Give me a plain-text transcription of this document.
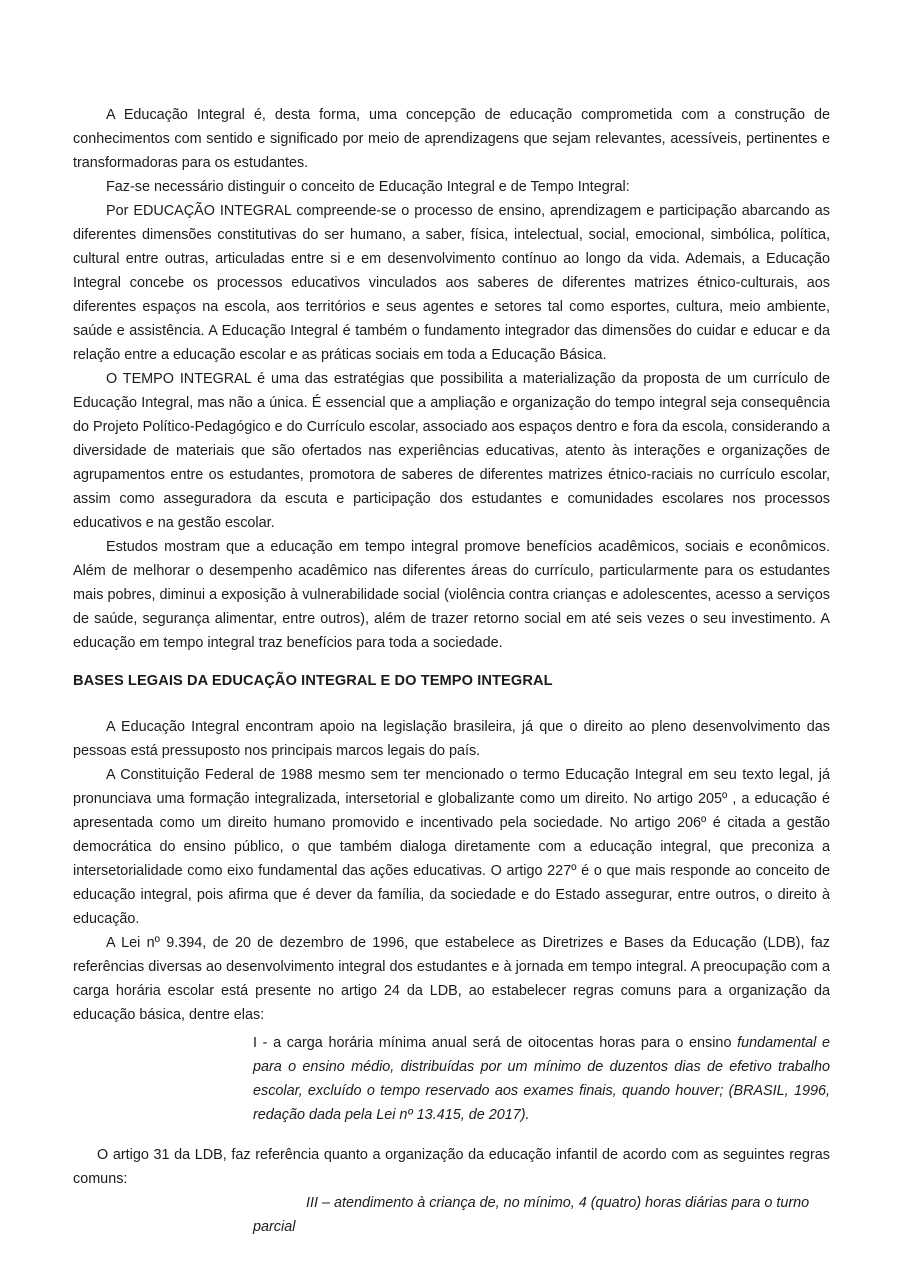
A Educação Integral é, desta forma, uma concepção de educação comprometida com a construção de conhecimentos com sentido e significado por meio de aprendizagens que sejam relevantes, acessíveis, pertinentes e transformadoras para os estudantes.

Faz-se necessário distinguir o conceito de Educação Integral e de Tempo Integral:

Por EDUCAÇÃO INTEGRAL compreende-se o processo de ensino, aprendizagem e participação abarcando as diferentes dimensões constitutivas do ser humano, a saber, física, intelectual, social, emocional, simbólica, política, cultural entre outras, articuladas entre si e em desenvolvimento contínuo ao longo da vida. Ademais, a Educação Integral concebe os processos educativos vinculados aos saberes de diferentes matrizes étnico-culturais, aos diferentes espaços na escola, aos territórios e seus agentes e setores tal como esportes, cultura, meio ambiente, saúde e assistência. A Educação Integral é também o fundamento integrador das dimensões do cuidar e educar e da relação entre a educação escolar e as práticas sociais em toda a Educação Básica.

O TEMPO INTEGRAL é uma das estratégias que possibilita a materialização da proposta de um currículo de Educação Integral, mas não a única. É essencial que a ampliação e organização do tempo integral seja consequência do Projeto Político-Pedagógico e do Currículo escolar, associado aos espaços dentro e fora da escola, considerando a diversidade de materiais que são ofertados nas experiências educativas, atento às interações e organizações de agrupamentos entre os estudantes, promotora de saberes de diferentes matrizes étnico-raciais no currículo escolar, assim como asseguradora da escuta e participação dos estudantes e comunidades escolares nos processos educativos e na gestão escolar.

Estudos mostram que a educação em tempo integral promove benefícios acadêmicos, sociais e econômicos. Além de melhorar o desempenho acadêmico nas diferentes áreas do currículo, particularmente para os estudantes mais pobres, diminui a exposição à vulnerabilidade social (violência contra crianças e adolescentes, acesso a serviços de saúde, segurança alimentar, entre outros), além de trazer retorno social em até seis vezes o seu investimento. A educação em tempo integral traz benefícios para toda a sociedade.

BASES LEGAIS DA EDUCAÇÃO INTEGRAL E DO TEMPO INTEGRAL

A Educação Integral encontram apoio na legislação brasileira, já que o direito ao pleno desenvolvimento das pessoas está pressuposto nos principais marcos legais do país.

A Constituição Federal de 1988 mesmo sem ter mencionado o termo Educação Integral em seu texto legal, já pronunciava uma formação integralizada, intersetorial e globalizante como um direito. No artigo 205º , a educação é apresentada como um direito humano promovido e incentivado pela sociedade. No artigo 206º é citada a gestão democrática do ensino público, o que também dialoga diretamente com a educação integral, que preconiza a intersetorialidade como eixo fundamental das ações educativas. O artigo 227º é o que mais responde ao conceito de educação integral, pois afirma que é dever da família, da sociedade e do Estado assegurar, entre outros, o direito à educação.

A Lei nº 9.394, de 20 de dezembro de 1996, que estabelece as Diretrizes e Bases da Educação (LDB), faz referências diversas ao desenvolvimento integral dos estudantes e à jornada em tempo integral. A preocupação com a carga horária escolar está presente no artigo 24 da LDB, ao estabelecer regras comuns para a organização da educação básica, dentre elas:

I - a carga horária mínima anual será de oitocentas horas para o ensino fundamental e para o ensino médio, distribuídas por um mínimo de duzentos dias de efetivo trabalho escolar, excluído o tempo reservado aos exames finais, quando houver; (BRASIL, 1996, redação dada pela Lei nº 13.415, de 2017).

O artigo 31 da LDB, faz referência quanto a organização da educação infantil de acordo com as seguintes regras comuns:

III – atendimento à criança de, no mínimo, 4 (quatro) horas diárias para o turno parcial
